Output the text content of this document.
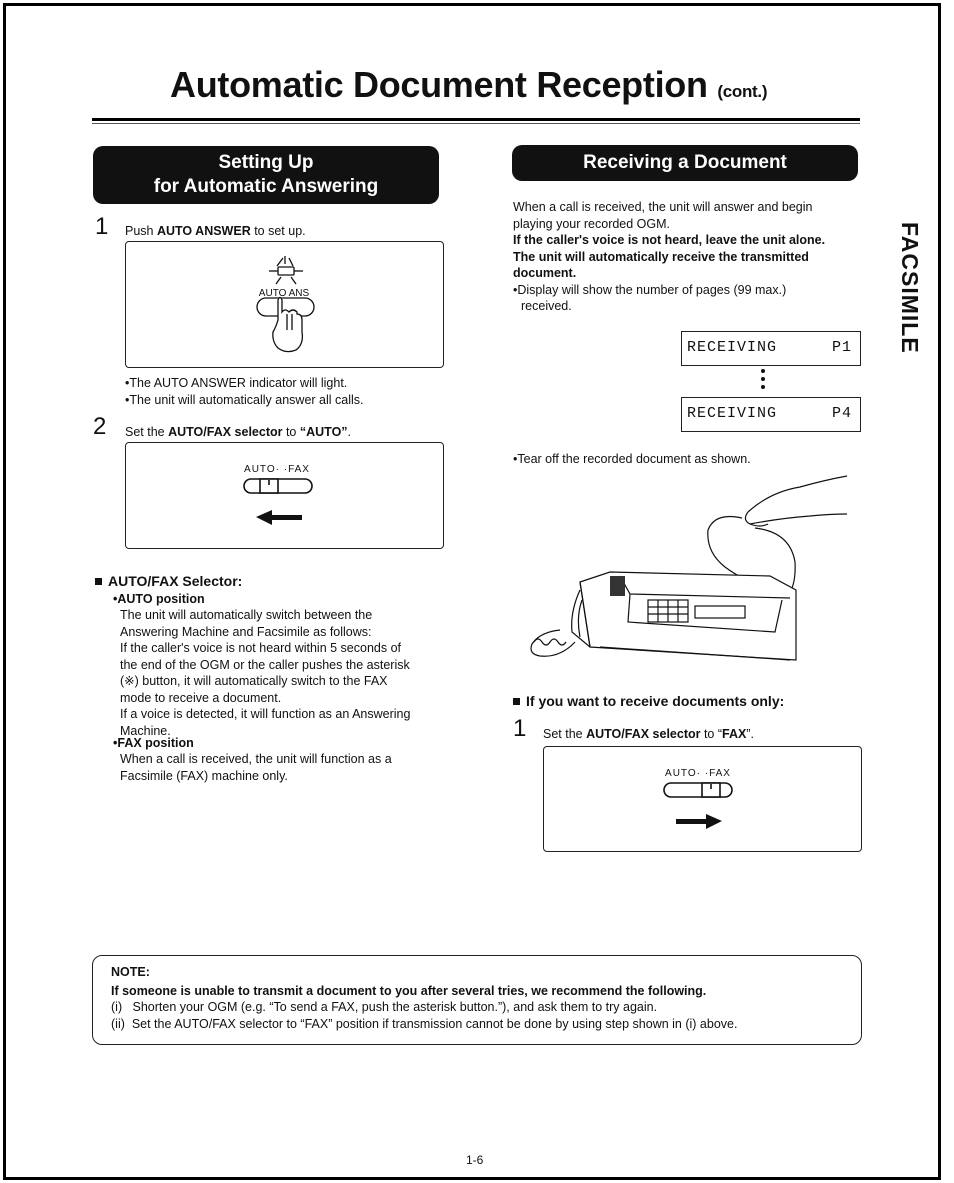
Automatic Document Reception (cont.)
FACSIMILE
Setting Up
for Automatic Answering
1 Push AUTO ANSWER to set up.
AUTO ANS
•The AUTO ANSWER indicator will light.
•The unit will automatically answer all calls.
2 Set the AUTO/FAX selector to “AUTO”.
AUTO· ·FAX
AUTO/FAX Selector:
•AUTO position
The unit will automatically switch between the
Answering Machine and Facsimile as follows:
If the caller's voice is not heard within 5 seconds of
the end of the OGM or the caller pushes the asterisk
(※) button, it will automatically switch to the FAX
mode to receive a document.
If a voice is detected, it will function as an Answering
Machine.
•FAX position
When a call is received, the unit will function as a
Facsimile (FAX) machine only.
Receiving a Document
When a call is received, the unit will answer and begin
playing your recorded OGM.
If the caller's voice is not heard, leave the unit alone.
The unit will automatically receive the transmitted
document.
•Display will show the number of pages (99 max.)
received.
RECEIVING	P1
RECEIVING	P4
•Tear off the recorded document as shown.
If you want to receive documents only:
1 Set the AUTO/FAX selector to “FAX”.
AUTO· ·FAX
NOTE:
If someone is unable to transmit a document to you after several tries, we recommend the following.
(i)   Shorten your OGM (e.g. “To send a FAX, push the asterisk button.”), and ask them to try again.
(ii)  Set the AUTO/FAX selector to “FAX” position if transmission cannot be done by using step shown in (i) above.
1-6
